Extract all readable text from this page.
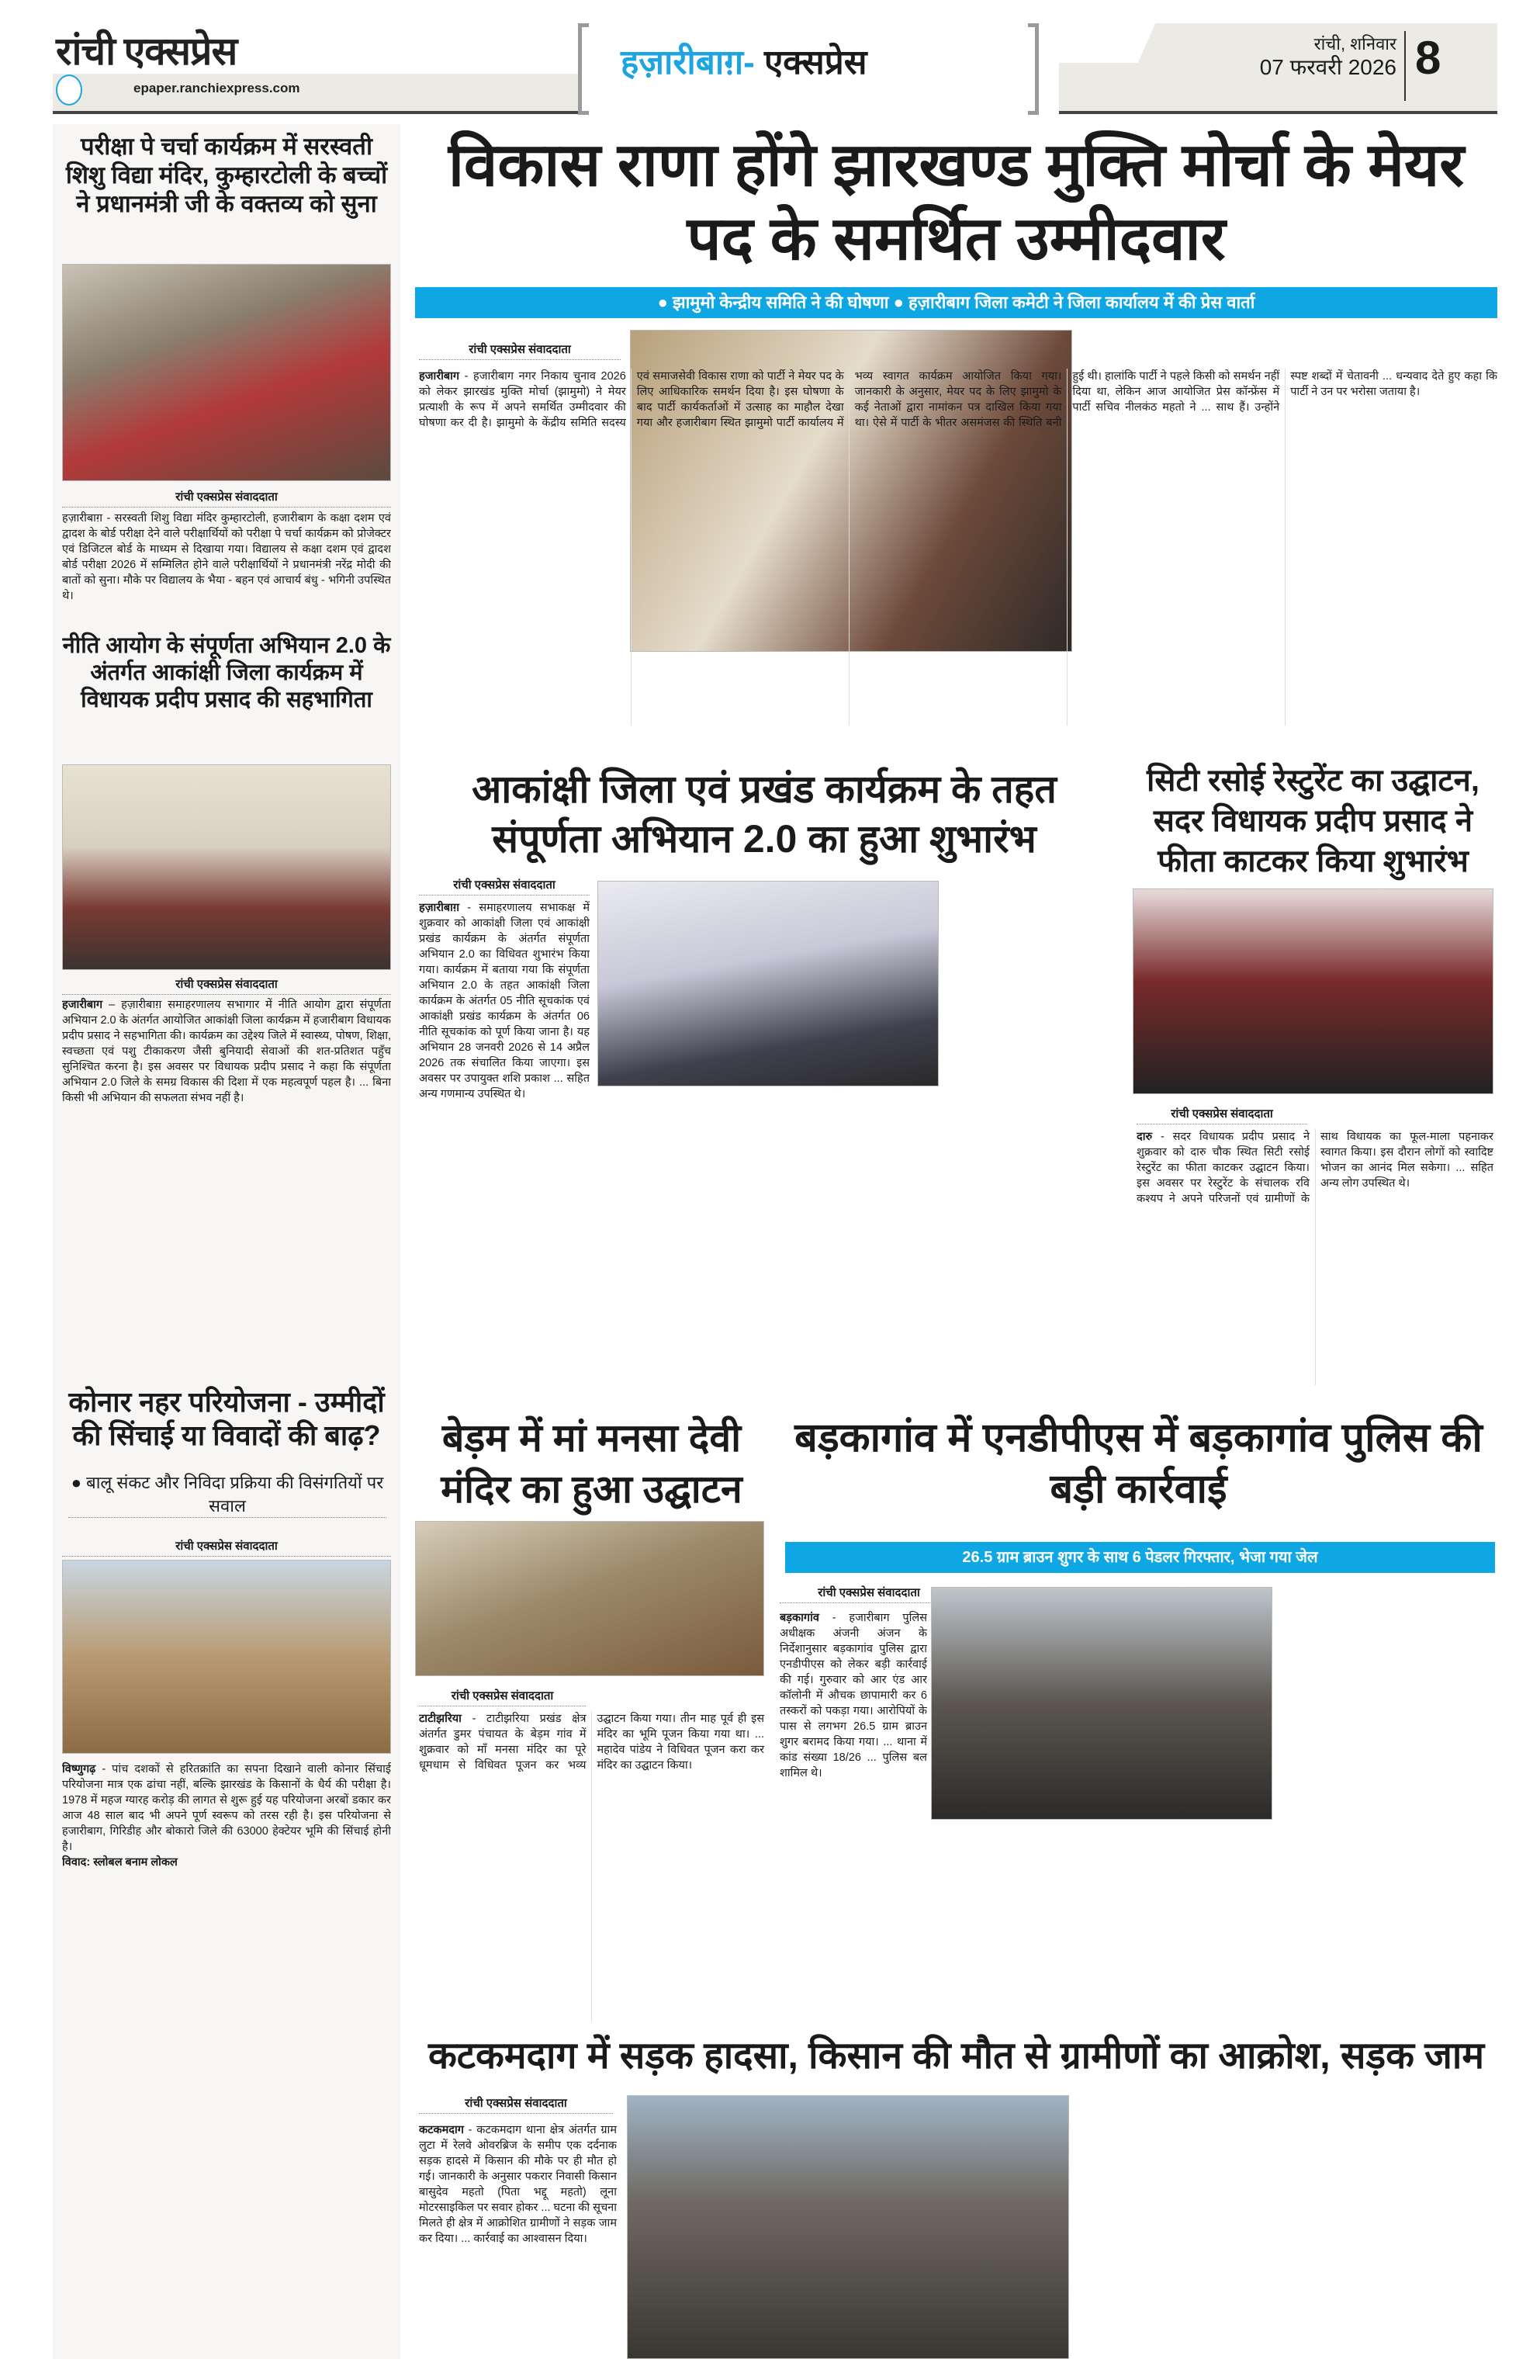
रांची एक्सप्रेस
epaper.ranchiexpress.com
हज़ारीबाग़- एक्सप्रेस	रांची, शनिवार
07 फरवरी 2026 8
परीक्षा पे चर्चा कार्यक्रम में सरस्वती शिशु विद्या मंदिर, कुम्हारटोली के बच्चों ने प्रधानमंत्री जी के वक्तव्य को सुना
रांची एक्सप्रेस संवाददाता
हज़ारीबाग़ - सरस्वती शिशु विद्या मंदिर कुम्हारटोली, हजारीबाग के कक्षा दशम एवं द्वादश के बोर्ड परीक्षा देने वाले परीक्षार्थियों को परीक्षा पे चर्चा कार्यक्रम को प्रोजेक्टर एवं डिजिटल बोर्ड के माध्यम से दिखाया गया। विद्यालय से कक्षा दशम एवं द्वादश बोर्ड परीक्षा 2026 में सम्मिलित होने वाले परीक्षार्थियों ने प्रधानमंत्री नरेंद्र मोदी की बातों को सुना। मौके पर विद्यालय के भैया - बहन एवं आचार्य बंधु - भगिनी उपस्थित थे।
नीति आयोग के संपूर्णता अभियान 2.0 के अंतर्गत आकांक्षी जिला कार्यक्रम में विधायक प्रदीप प्रसाद की सहभागिता
रांची एक्सप्रेस संवाददाता
हजारीबाग – हज़ारीबाग़ समाहरणालय सभागार में नीति आयोग द्वारा संपूर्णता अभियान 2.0 के अंतर्गत आयोजित आकांक्षी जिला कार्यक्रम में हजारीबाग विधायक प्रदीप प्रसाद ने सहभागिता की। कार्यक्रम का उद्देश्य जिले में स्वास्थ्य, पोषण, शिक्षा, स्वच्छता एवं पशु टीकाकरण जैसी बुनियादी सेवाओं की शत-प्रतिशत पहुँच सुनिश्चित करना है। इस अवसर पर विधायक प्रदीप प्रसाद ने कहा कि संपूर्णता अभियान 2.0 जिले के समग्र विकास की दिशा में एक महत्वपूर्ण पहल है। ... बिना किसी भी अभियान की सफलता संभव नहीं है।
कोनार नहर परियोजना - उम्मीदों की सिंचाई या विवादों की बाढ़?
● बालू संकट और निविदा प्रक्रिया की विसंगतियों पर सवाल
रांची एक्सप्रेस संवाददाता
विष्णुगढ़ - पांच दशकों से हरितक्रांति का सपना दिखाने वाली कोनार सिंचाई परियोजना मात्र एक ढांचा नहीं, बल्कि झारखंड के किसानों के धैर्य की परीक्षा है। 1978 में महज ग्यारह करोड़ की लागत से शुरू हुई यह परियोजना अरबों डकार कर आज 48 साल बाद भी अपने पूर्ण स्वरूप को तरस रही है। इस परियोजना से हजारीबाग, गिरिडीह और बोकारो जिले की 63000 हेक्टेयर भूमि की सिंचाई होनी है।
विवाद: स्लोबल बनाम लोकल
विकास राणा होंगे झारखण्ड मुक्ति मोर्चा के मेयर पद के समर्थित उम्मीदवार
● झामुमो केन्द्रीय समिति ने की घोषणा ● हज़ारीबाग जिला कमेटी ने जिला कार्यालय में की प्रेस वार्ता
रांची एक्सप्रेस संवाददाता
हजारीबाग - हजारीबाग नगर निकाय चुनाव 2026 को लेकर झारखंड मुक्ति मोर्चा (झामुमो) ने मेयर प्रत्याशी के रूप में अपने समर्थित उम्मीदवार की घोषणा कर दी है। झामुमो के केंद्रीय समिति सदस्य एवं समाजसेवी विकास राणा को पार्टी ने मेयर पद के लिए आधिकारिक समर्थन दिया है। इस घोषणा के बाद पार्टी कार्यकर्ताओं में उत्साह का माहौल देखा गया और हजारीबाग स्थित झामुमो पार्टी कार्यालय में भव्य स्वागत कार्यक्रम आयोजित किया गया। जानकारी के अनुसार, मेयर पद के लिए झामुमो के कई नेताओं द्वारा नामांकन पत्र दाखिल किया गया था। ऐसे में पार्टी के भीतर असमंजस की स्थिति बनी हुई थी। हालांकि पार्टी ने पहले किसी को समर्थन नहीं दिया था, लेकिन आज आयोजित प्रेस कॉन्फ्रेंस में पार्टी सचिव नीलकंठ महतो ने ... साथ हैं। उन्होंने स्पष्ट शब्दों में चेतावनी ... धन्यवाद देते हुए कहा कि पार्टी ने उन पर भरोसा जताया है।
आकांक्षी जिला एवं प्रखंड कार्यक्रम के तहत संपूर्णता अभियान 2.0 का हुआ शुभारंभ
रांची एक्सप्रेस संवाददाता
हज़ारीबाग़ - समाहरणालय सभाकक्ष में शुक्रवार को आकांक्षी जिला एवं आकांक्षी प्रखंड कार्यक्रम के अंतर्गत संपूर्णता अभियान 2.0 का विधिवत शुभारंभ किया गया। कार्यक्रम में बताया गया कि संपूर्णता अभियान 2.0 के तहत आकांक्षी जिला कार्यक्रम के अंतर्गत 05 नीति सूचकांक एवं आकांक्षी प्रखंड कार्यक्रम के अंतर्गत 06 नीति सूचकांक को पूर्ण किया जाना है। यह अभियान 28 जनवरी 2026 से 14 अप्रैल 2026 तक संचालित किया जाएगा। इस अवसर पर उपायुक्त शशि प्रकाश ... सहित अन्य गणमान्य उपस्थित थे।
सिटी रसोई रेस्टुरेंट का उद्घाटन, सदर विधायक प्रदीप प्रसाद ने फीता काटकर किया शुभारंभ
रांची एक्सप्रेस संवाददाता
दारु - सदर विधायक प्रदीप प्रसाद ने शुक्रवार को दारु चौक स्थित सिटी रसोई रेस्टुरेंट का फीता काटकर उद्घाटन किया। इस अवसर पर रेस्टुरेंट के संचालक रवि कश्यप ने अपने परिजनों एवं ग्रामीणों के साथ विधायक का फूल-माला पहनाकर स्वागत किया। इस दौरान लोगों को स्वादिष्ट भोजन का आनंद मिल सकेगा। ... सहित अन्य लोग उपस्थित थे।
बेड़म में मां मनसा देवी मंदिर का हुआ उद्घाटन
रांची एक्सप्रेस संवाददाता
टाटीझरिया - टाटीझरिया प्रखंड क्षेत्र अंतर्गत डुमर पंचायत के बेड़म गांव में शुक्रवार को माँ मनसा मंदिर का पूरे धूमधाम से विधिवत पूजन कर भव्य उद्घाटन किया गया। तीन माह पूर्व ही इस मंदिर का भूमि पूजन किया गया था। ... महादेव पांडेय ने विधिवत पूजन करा कर मंदिर का उद्घाटन किया।
बड़कागांव में एनडीपीएस में बड़कागांव पुलिस की बड़ी कार्रवाई
26.5 ग्राम ब्राउन शुगर के साथ 6 पेडलर गिरफ्तार, भेजा गया जेल
रांची एक्सप्रेस संवाददाता
बड़कागांव - हजारीबाग पुलिस अधीक्षक अंजनी अंजन के निर्देशानुसार बड़कागांव पुलिस द्वारा एनडीपीएस को लेकर बड़ी कार्रवाई की गई। गुरुवार को आर एंड आर कॉलोनी में औचक छापामारी कर 6 तस्करों को पकड़ा गया। आरोपियों के पास से लगभग 26.5 ग्राम ब्राउन शुगर बरामद किया गया। ... थाना में कांड संख्या 18/26 ... पुलिस बल शामिल थे।
कटकमदाग में सड़क हादसा, किसान की मौत से ग्रामीणों का आक्रोश, सड़क जाम
रांची एक्सप्रेस संवाददाता
कटकमदाग - कटकमदाग थाना क्षेत्र अंतर्गत ग्राम लुटा में रेलवे ओवरब्रिज के समीप एक दर्दनाक सड़क हादसे में किसान की मौके पर ही मौत हो गई। जानकारी के अनुसार पकरार निवासी किसान बासुदेव महतो (पिता भद्दू महतो) लूना मोटरसाइकिल पर सवार होकर ... घटना की सूचना मिलते ही क्षेत्र में आक्रोशित ग्रामीणों ने सड़क जाम कर दिया। ... कार्रवाई का आश्वासन दिया।
